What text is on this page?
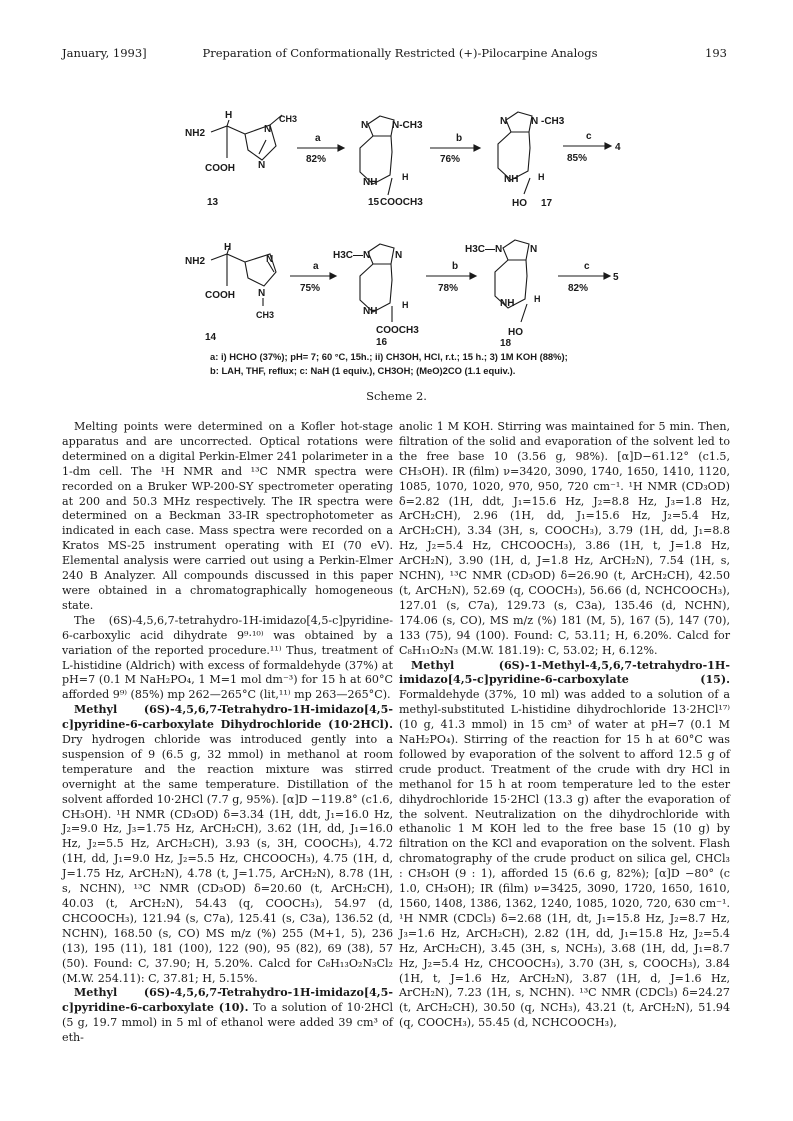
January, 1993]	Preparation of Conformationally Restricted (+)-Pilocarpine Analogs	193
NH2
H
COOH
N
N
CH3
13
a
82%
N N-CH3
NH	H
15 COOCH3
b
76%
N N -CH3
NH H
HO 17
c
85%
4
NH2
H
COOH
N
N
CH3
14
a
75%
H3C—N N
NH
H
COOCH3
16
b
78%
H3C—N	N
NH H
HO
18
c
82%
5
a: i) HCHO (37%); pH= 7; 60 °C, 15h.; ii) CH3OH, HCl, r.t.; 15 h.; 3) 1M KOH (88%);
b: LAH, THF, reflux; c: NaH (1 equiv.), CH3OH; (MeO)2CO (1.1 equiv.).
Scheme 2.

Melting points were determined on a Kofler hot-stage apparatus and are uncorrected. Optical rotations were determined on a digital Perkin-Elmer 241 polarimeter in a 1-dm cell. The ¹H NMR and ¹³C NMR spectra were recorded on a Bruker WP-200-SY spectrometer operating at 200 and 50.3 MHz respectively. The IR spectra were determined on a Beckman 33-IR spectrophotometer as indicated in each case. Mass spectra were recorded on a Kratos MS-25 instrument operating with EI (70 eV). Elemental analysis were carried out using a Perkin-Elmer 240 B Analyzer. All compounds discussed in this paper were obtained in a chromatographically homogeneous state.

The (6S)-4,5,6,7-tetrahydro-1H-imidazo[4,5-c]pyridine-6-carboxylic acid dihydrate 9⁹·¹⁰⁾ was obtained by a variation of the reported procedure.¹¹⁾ Thus, treatment of L-histidine (Aldrich) with excess of formaldehyde (37%) at pH=7 (0.1 M NaH₂PO₄, 1 M=1 mol dm⁻³) for 15 h at 60°C afforded 9⁹⁾ (85%) mp 262—265°C (lit,¹¹⁾ mp 263—265°C).

Methyl (6S)-4,5,6,7-Tetrahydro-1H-imidazo[4,5-c]pyridine-6-carboxylate Dihydrochloride (10·2HCl). Dry hydrogen chloride was introduced gently into a suspension of 9 (6.5 g, 32 mmol) in methanol at room temperature and the reaction mixture was stirred overnight at the same temperature. Distillation of the solvent afforded 10·2HCl (7.7 g, 95%). [α]D −119.8° (c1.6, CH₃OH). ¹H NMR (CD₃OD) δ=3.34 (1H, ddt, J₁=16.0 Hz, J₂=9.0 Hz, J₃=1.75 Hz, ArCH₂CH), 3.62 (1H, dd, J₁=16.0 Hz, J₂=5.5 Hz, ArCH₂CH), 3.93 (s, 3H, COOCH₃), 4.72 (1H, dd, J₁=9.0 Hz, J₂=5.5 Hz, CHCOOCH₃), 4.75 (1H, d, J=1.75 Hz, ArCH₂N), 4.78 (t, J=1.75, ArCH₂N), 8.78 (1H, s, NCHN), ¹³C NMR (CD₃OD) δ=20.60 (t, ArCH₂CH), 40.03 (t, ArCH₂N), 54.43 (q, COOCH₃), 54.97 (d, CHCOOCH₃), 121.94 (s, C7a), 125.41 (s, C3a), 136.52 (d, NCHN), 168.50 (s, CO) MS m/z (%) 255 (M+1, 5), 236 (13), 195 (11), 181 (100), 122 (90), 95 (82), 69 (38), 57 (50). Found: C, 37.90; H, 5.20%. Calcd for C₈H₁₃O₂N₃Cl₂ (M.W. 254.11): C, 37.81; H, 5.15%.

Methyl (6S)-4,5,6,7-Tetrahydro-1H-imidazo[4,5-c]pyridine-6-carboxylate (10). To a solution of 10·2HCl (5 g, 19.7 mmol) in 5 ml of ethanol were added 39 cm³ of eth-

anolic 1 M KOH. Stirring was maintained for 5 min. Then, filtration of the solid and evaporation of the solvent led to the free base 10 (3.56 g, 98%). [α]D−61.12° (c1.5, CH₃OH). IR (film) ν=3420, 3090, 1740, 1650, 1410, 1120, 1085, 1070, 1020, 970, 950, 720 cm⁻¹. ¹H NMR (CD₃OD) δ=2.82 (1H, ddt, J₁=15.6 Hz, J₂=8.8 Hz, J₃=1.8 Hz, ArCH₂CH), 2.96 (1H, dd, J₁=15.6 Hz, J₂=5.4 Hz, ArCH₂CH), 3.34 (3H, s, COOCH₃), 3.79 (1H, dd, J₁=8.8 Hz, J₂=5.4 Hz, CHCOOCH₃), 3.86 (1H, t, J=1.8 Hz, ArCH₂N), 3.90 (1H, d, J=1.8 Hz, ArCH₂N), 7.54 (1H, s, NCHN), ¹³C NMR (CD₃OD) δ=26.90 (t, ArCH₂CH), 42.50 (t, ArCH₂N), 52.69 (q, COOCH₃), 56.66 (d, NCHCOOCH₃), 127.01 (s, C7a), 129.73 (s, C3a), 135.46 (d, NCHN), 174.06 (s, CO), MS m/z (%) 181 (M, 5), 167 (5), 147 (70), 133 (75), 94 (100). Found: C, 53.11; H, 6.20%. Calcd for C₈H₁₁O₂N₃ (M.W. 181.19): C, 53.02; H, 6.12%.

Methyl (6S)-1-Methyl-4,5,6,7-tetrahydro-1H-imidazo[4,5-c]pyridine-6-carboxylate (15). Formaldehyde (37%, 10 ml) was added to a solution of a methyl-substituted L-histidine dihydrochloride 13·2HCl¹⁷⁾ (10 g, 41.3 mmol) in 15 cm³ of water at pH=7 (0.1 M NaH₂PO₄). Stirring of the reaction for 15 h at 60°C was followed by evaporation of the solvent to afford 12.5 g of crude product. Treatment of the crude with dry HCl in methanol for 15 h at room temperature led to the ester dihydrochloride 15·2HCl (13.3 g) after the evaporation of the solvent. Neutralization on the dihydrochloride with ethanolic 1 M KOH led to the free base 15 (10 g) by filtration on the KCl and evaporation on the solvent. Flash chromatography of the crude product on silica gel, CHCl₃ : CH₃OH (9 : 1), afforded 15 (6.6 g, 82%); [α]D −80° (c 1.0, CH₃OH); IR (film) ν=3425, 3090, 1720, 1650, 1610, 1560, 1408, 1386, 1362, 1240, 1085, 1020, 720, 630 cm⁻¹. ¹H NMR (CDCl₃) δ=2.68 (1H, dt, J₁=15.8 Hz, J₂=8.7 Hz, J₃=1.6 Hz, ArCH₂CH), 2.82 (1H, dd, J₁=15.8 Hz, J₂=5.4 Hz, ArCH₂CH), 3.45 (3H, s, NCH₃), 3.68 (1H, dd, J₁=8.7 Hz, J₂=5.4 Hz, CHCOOCH₃), 3.70 (3H, s, COOCH₃), 3.84 (1H, t, J=1.6 Hz, ArCH₂N), 3.87 (1H, d, J=1.6 Hz, ArCH₂N), 7.23 (1H, s, NCHN). ¹³C NMR (CDCl₃) δ=24.27 (t, ArCH₂CH), 30.50 (q, NCH₃), 43.21 (t, ArCH₂N), 51.94 (q, COOCH₃), 55.45 (d, NCHCOOCH₃),
